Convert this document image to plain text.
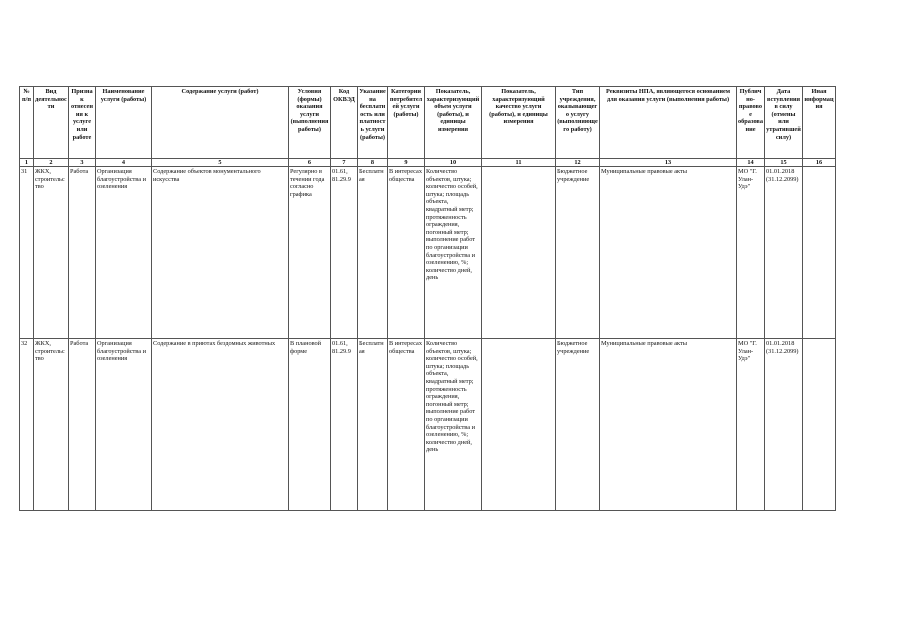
№ п/п	Вид деятельности	Признак отнесения к услуге или работе	Наименование услуги (работы)	Содержание услуги (работ)	Условия (формы) оказания услуги (выполнения работы)	Код ОКВЭД	Указание на бесплатность или платность услуги (работы)	Категории потребителей услуги (работы)	Показатель, характеризующий объем услуги (работы), и единицы измерения	Показатель, характеризующий качество услуги (работы), и единицы измерения	Тип учреждения, оказывающего услугу (выполняющего работу)	Реквизиты НПА, являющегося основанием для оказания услуги (выполнения работы)	Публично-правовое образование	Дата вступления в силу (отмены или утратившей силу)	Иная информация
1	2	3	4	5	6	7	8	9	10	11	12	13	14	15	16
31	ЖКХ, строительство	Работа	Организация благоустройства и озеленения	Содержание объектов монументального искусства	Регулярно в течении года согласно графика	01.61, 81.29.9	Бесплатная	В интересах общества	Количество объектов, штука; количество особей, штука; площадь объекта, квадратный метр; протяженность ограждения, погонный метр; выполнение работ по организации благоустройства и озеленению, %; количество дней, день		Бюджетное учреждение	Муниципальные правовые акты	МО "Г. Улан-Удэ"	01.01.2018 (31.12.2099)	
32	ЖКХ, строительство	Работа	Организация благоустройства и озеленения	Содержание в приютах бездомных животных	В плановой форме	01.61, 81.29.9	Бесплатная	В интересах общества	Количество объектов, штука; количество особей, штука; площадь объекта, квадратный метр; протяженность ограждения, погонный метр; выполнение работ по организации благоустройства и озеленению, %; количество дней, день		Бюджетное учреждение	Муниципальные правовые акты	МО "Г. Улан-Удэ"	01.01.2018 (31.12.2099)	
